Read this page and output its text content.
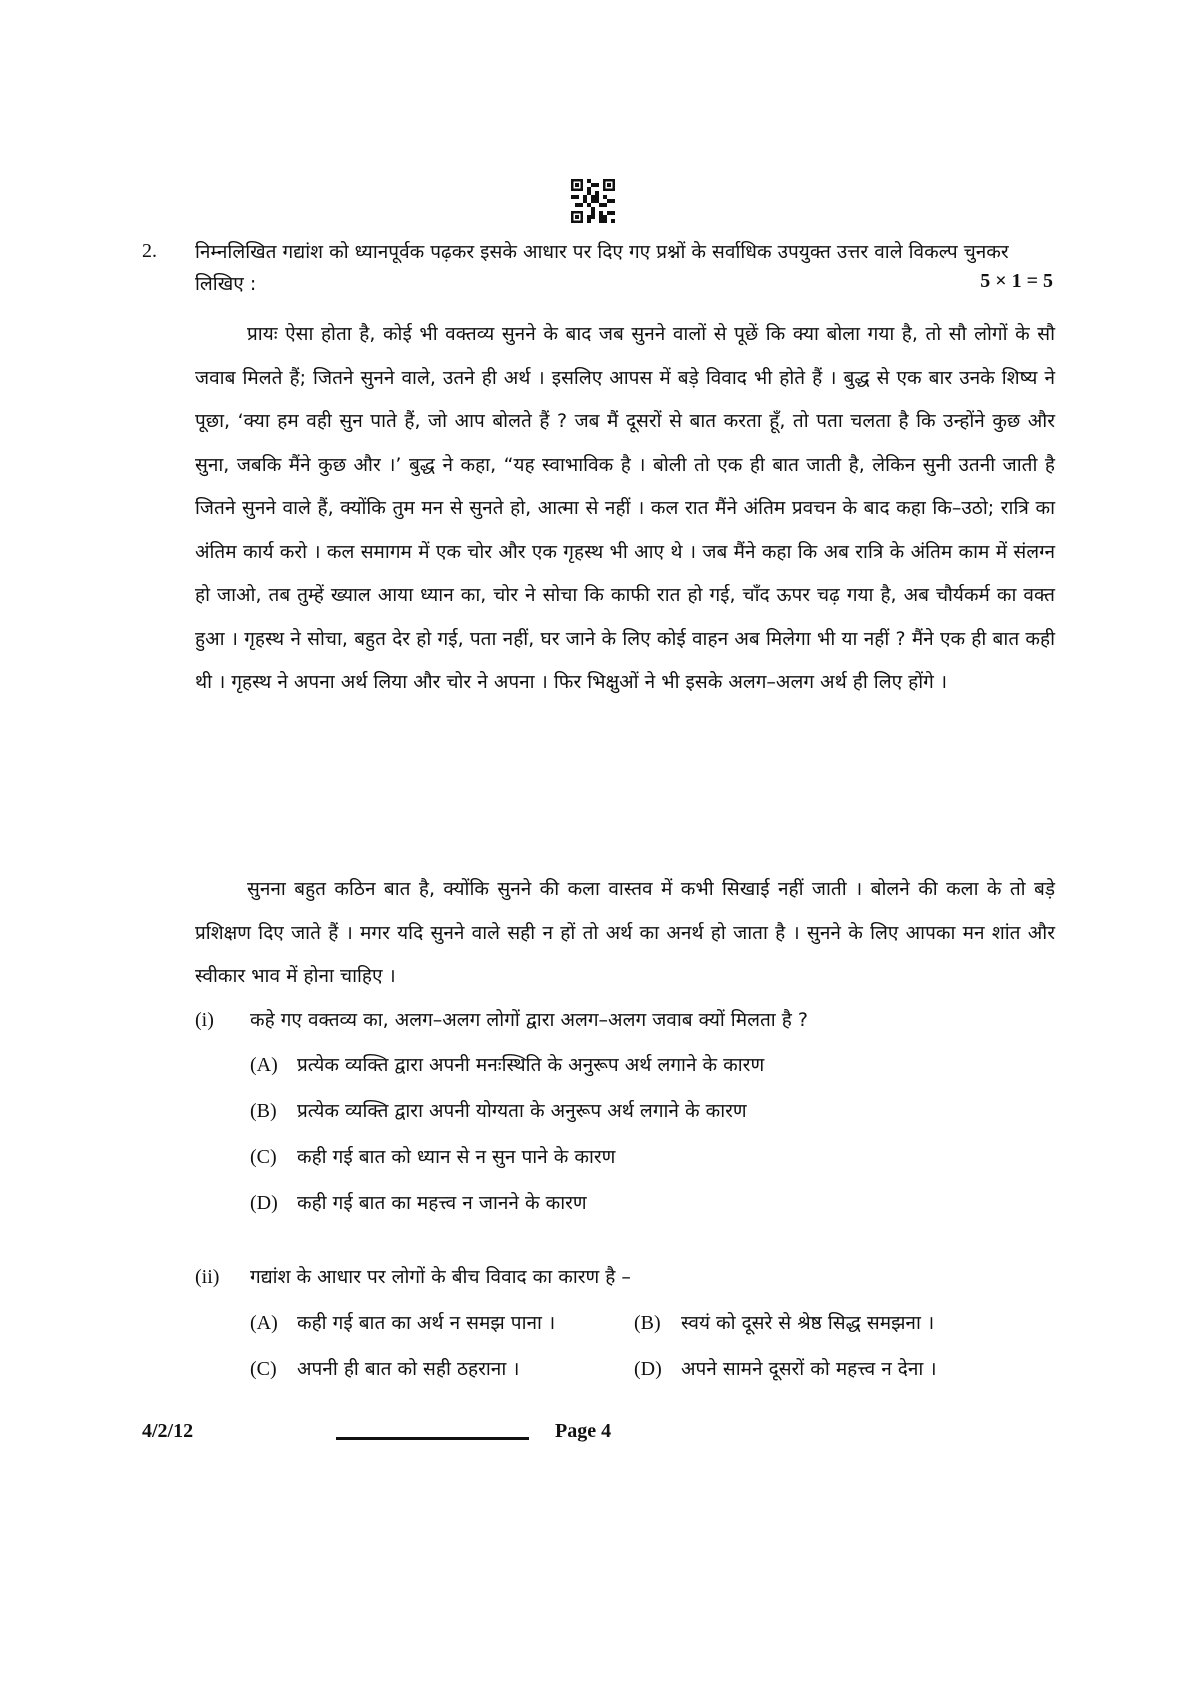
2. निम्नलिखित गद्यांश को ध्यानपूर्वक पढ़कर इसके आधार पर दिए गए प्रश्नों के सर्वाधिक उपयुक्त उत्तर वाले विकल्प चुनकर लिखिए :	5 × 1 = 5
प्रायः ऐसा होता है, कोई भी वक्तव्य सुनने के बाद जब सुनने वालों से पूछें कि क्या बोला गया है, तो सौ लोगों के सौ जवाब मिलते हैं; जितने सुनने वाले, उतने ही अर्थ । इसलिए आपस में बड़े विवाद भी होते हैं । बुद्ध से एक बार उनके शिष्य ने पूछा, ‘क्या हम वही सुन पाते हैं, जो आप बोलते हैं ? जब मैं दूसरों से बात करता हूँ, तो पता चलता है कि उन्होंने कुछ और सुना, जबकि मैंने कुछ और ।’ बुद्ध ने कहा, “यह स्वाभाविक है । बोली तो एक ही बात जाती है, लेकिन सुनी उतनी जाती है जितने सुनने वाले हैं, क्योंकि तुम मन से सुनते हो, आत्मा से नहीं । कल रात मैंने अंतिम प्रवचन के बाद कहा कि–उठो; रात्रि का अंतिम कार्य करो । कल समागम में एक चोर और एक गृहस्थ भी आए थे । जब मैंने कहा कि अब रात्रि के अंतिम काम में संलग्न हो जाओ, तब तुम्हें ख्याल आया ध्यान का, चोर ने सोचा कि काफी रात हो गई, चाँद ऊपर चढ़ गया है, अब चौर्यकर्म का वक्त हुआ । गृहस्थ ने सोचा, बहुत देर हो गई, पता नहीं, घर जाने के लिए कोई वाहन अब मिलेगा भी या नहीं ? मैंने एक ही बात कही थी । गृहस्थ ने अपना अर्थ लिया और चोर ने अपना । फिर भिक्षुओं ने भी इसके अलग–अलग अर्थ ही लिए होंगे ।
सुनना बहुत कठिन बात है, क्योंकि सुनने की कला वास्तव में कभी सिखाई नहीं जाती । बोलने की कला के तो बड़े प्रशिक्षण दिए जाते हैं । मगर यदि सुनने वाले सही न हों तो अर्थ का अनर्थ हो जाता है । सुनने के लिए आपका मन शांत और स्वीकार भाव में होना चाहिए ।
(i) कहे गए वक्तव्य का, अलग–अलग लोगों द्वारा अलग–अलग जवाब क्यों मिलता है ?
(A) प्रत्येक व्यक्ति द्वारा अपनी मनःस्थिति के अनुरूप अर्थ लगाने के कारण
(B) प्रत्येक व्यक्ति द्वारा अपनी योग्यता के अनुरूप अर्थ लगाने के कारण
(C) कही गई बात को ध्यान से न सुन पाने के कारण
(D) कही गई बात का महत्त्व न जानने के कारण
(ii) गद्यांश के आधार पर लोगों के बीच विवाद का कारण है –
(A) कही गई बात का अर्थ न समझ पाना ।	(B) स्वयं को दूसरे से श्रेष्ठ सिद्ध समझना ।
(C) अपनी ही बात को सही ठहराना ।	(D) अपने सामने दूसरों को महत्त्व न देना ।
4/2/12	Page 4
